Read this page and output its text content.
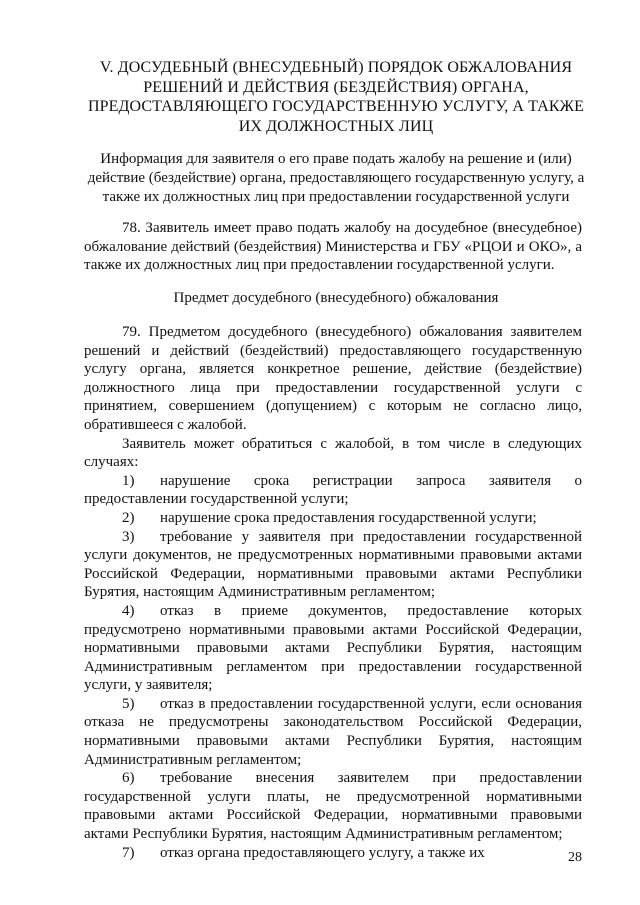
V. ДОСУДЕБНЫЙ (ВНЕСУДЕБНЫЙ) ПОРЯДОК ОБЖАЛОВАНИЯ РЕШЕНИЙ И ДЕЙСТВИЯ (БЕЗДЕЙСТВИЯ) ОРГАНА, ПРЕДОСТАВЛЯЮЩЕГО ГОСУДАРСТВЕННУЮ УСЛУГУ, А ТАКЖЕ ИХ ДОЛЖНОСТНЫХ ЛИЦ

Информация для заявителя о его праве подать жалобу на решение и (или) действие (бездействие) органа, предоставляющего государственную услугу, а также их должностных лиц при предоставлении государственной услуги

78. Заявитель имеет право подать жалобу на досудебное (внесудебное) обжалование действий (бездействия) Министерства и ГБУ «РЦОИ и ОКО», а также их должностных лиц при предоставлении государственной услуги.

Предмет досудебного (внесудебного) обжалования

79. Предметом досудебного (внесудебного) обжалования заявителем решений и действий (бездействий) предоставляющего государственную услугу органа, является конкретное решение, действие (бездействие) должностного лица при предоставлении государственной услуги с принятием, совершением (допущением) с которым не согласно лицо, обратившееся с жалобой.

Заявитель может обратиться с жалобой, в том числе в следующих случаях:

1) нарушение срока регистрации запроса заявителя о предоставлении государственной услуги;

2) нарушение срока предоставления государственной услуги;

3) требование у заявителя при предоставлении государственной услуги документов, не предусмотренных нормативными правовыми актами Российской Федерации, нормативными правовыми актами Республики Бурятия, настоящим Административным регламентом;

4) отказ в приеме документов, предоставление которых предусмотрено нормативными правовыми актами Российской Федерации, нормативными правовыми актами Республики Бурятия, настоящим Административным регламентом при предоставлении государственной услуги, у заявителя;

5) отказ в предоставлении государственной услуги, если основания отказа не предусмотрены законодательством Российской Федерации, нормативными правовыми актами Республики Бурятия, настоящим Административным регламентом;

6) требование внесения заявителем при предоставлении государственной услуги платы, не предусмотренной нормативными правовыми актами Российской Федерации, нормативными правовыми актами Республики Бурятия, настоящим Административным регламентом;

7) отказ органа предоставляющего услугу, а также их	28
